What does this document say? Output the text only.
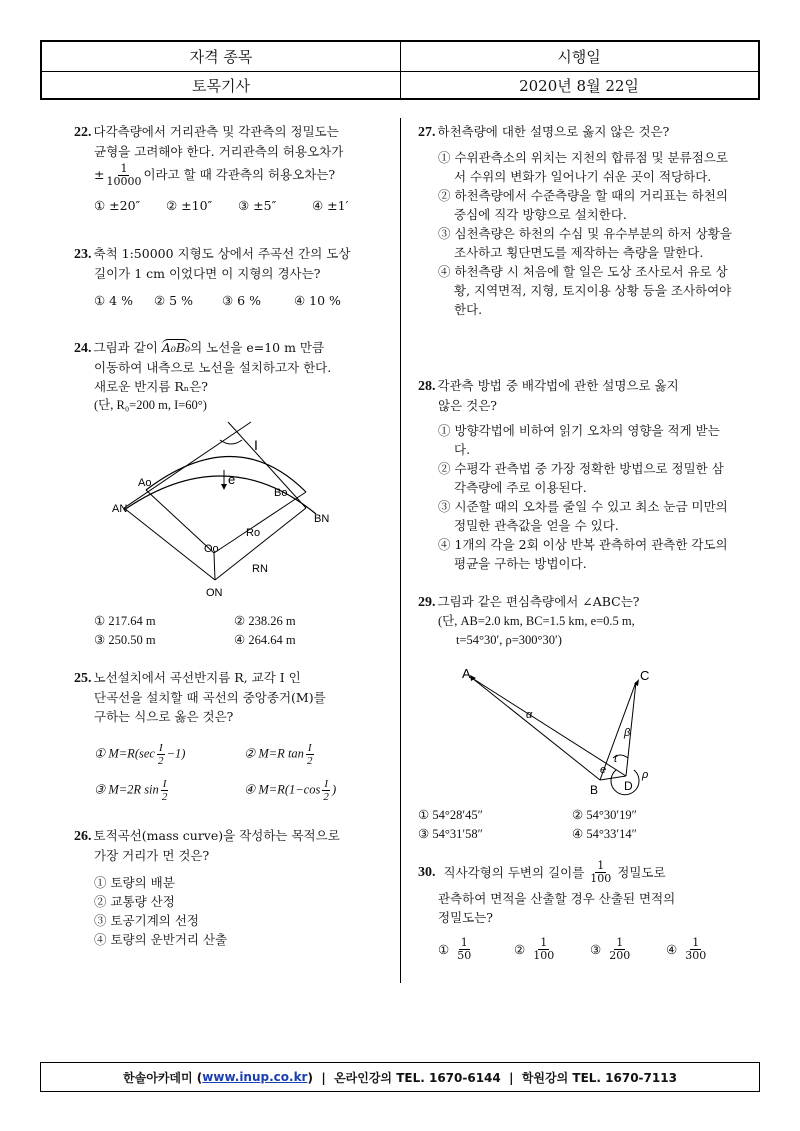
자격 종목	시행일
토목기사	2020년 8월 22일
22. 다각측량에서 거리관측 및 각관측의 정밀도는
균형을 고려해야 한다. 거리관측의 허용오차가
± $\frac{1}{10000}$ 이라고 할 때 각관측의 허용오차는?
① ±20″	② ±10″	③ ±5″	④ ±1′
23. 축척 1:50000 지형도 상에서 주곡선 간의 도상
길이가 1 cm 이었다면 이 지형의 경사는?
① 4 %	② 5 %	③ 6 %	④ 10 %
24. 그림과 같이 A₀B₀의 노선을 e=10 m 만큼
이동하여 내측으로 노선을 설치하고자 한다.
새로운 반지름 Rₙ은?
(단, R₀=200 m, I=60°)
I
e
Ao
Bo
AN
BN
Ro
Oo
ON
RN
① 217.64 m	② 238.26 m
③ 250.50 m	④ 264.64 m
25. 노선설치에서 곡선반지름 R, 교각 I 인
단곡선을 설치할 때 곡선의 중앙종거(M)를
구하는 식으로 옳은 것은?
① $M=R(\sec \frac{I}{2} -1)$	② M=R $\tan \frac{I}{2}$
③ M=2R $\sin \frac{I}{2}$	④ $M=R(1-\cos \frac{I}{2}$ )
26. 토적곡선(mass curve)을 작성하는 목적으로
가장 거리가 먼 것은?
① 토량의 배분
② 교통량 산정
③ 토공기계의 선정
④ 토량의 운반거리 산출
27. 하천측량에 대한 설명으로 옳지 않은 것은?
① 수위관측소의 위치는 지천의 합류점 및 분류점으로서 수위의 변화가 일어나기 쉬운 곳이 적당하다.
② 하천측량에서 수준측량을 할 때의 거리표는 하천의 중심에 직각 방향으로 설치한다.
③ 심천측량은 하천의 수심 및 유수부분의 하저 상황을 조사하고 횡단면도를 제작하는 측량을 말한다.
④ 하천측량 시 처음에 할 일은 도상 조사로서 유로 상황, 지역면적, 지형, 토지이용 상황 등을 조사하여야 한다.
28. 각관측 방법 중 배각법에 관한 설명으로 옳지
않은 것은?
① 방향각법에 비하여 읽기 오차의 영향을 적게 받는다.
② 수평각 관측법 중 가장 정확한 방법으로 정밀한 삼각측량에 주로 이용된다.
③ 시준할 때의 오차를 줄일 수 있고 최소 눈금 미만의 정밀한 관측값을 얻을 수 있다.
④ 1개의 각을 2회 이상 반복 관측하여 관측한 각도의 평균을 구하는 방법이다.
29. 그림과 같은 편심측량에서 ∠ABC는?
(단, AB=2.0 km, BC=1.5 km, e=0.5 m,
t=54°30′, ρ=300°30′)
A	C
B D
α
β
t
e	ρ
① 54°28′45″	② 54°30′19″
③ 54°31′58″	④ 54°33′14″
30. 직사각형의 두변의 길이를 $\frac{1}{100}$ 정밀도로
관측하여 면적을 산출할 경우 산출된 면적의
정밀도는?
① $\frac{1}{50}$	② $\frac{1}{100}$	③ $\frac{1}{200}$	④ $\frac{1}{300}$
한솔아카데미 ( www.inup.co.kr )  |  온라인강의 TEL. 1670-6144  |  학원강의 TEL. 1670-7113
